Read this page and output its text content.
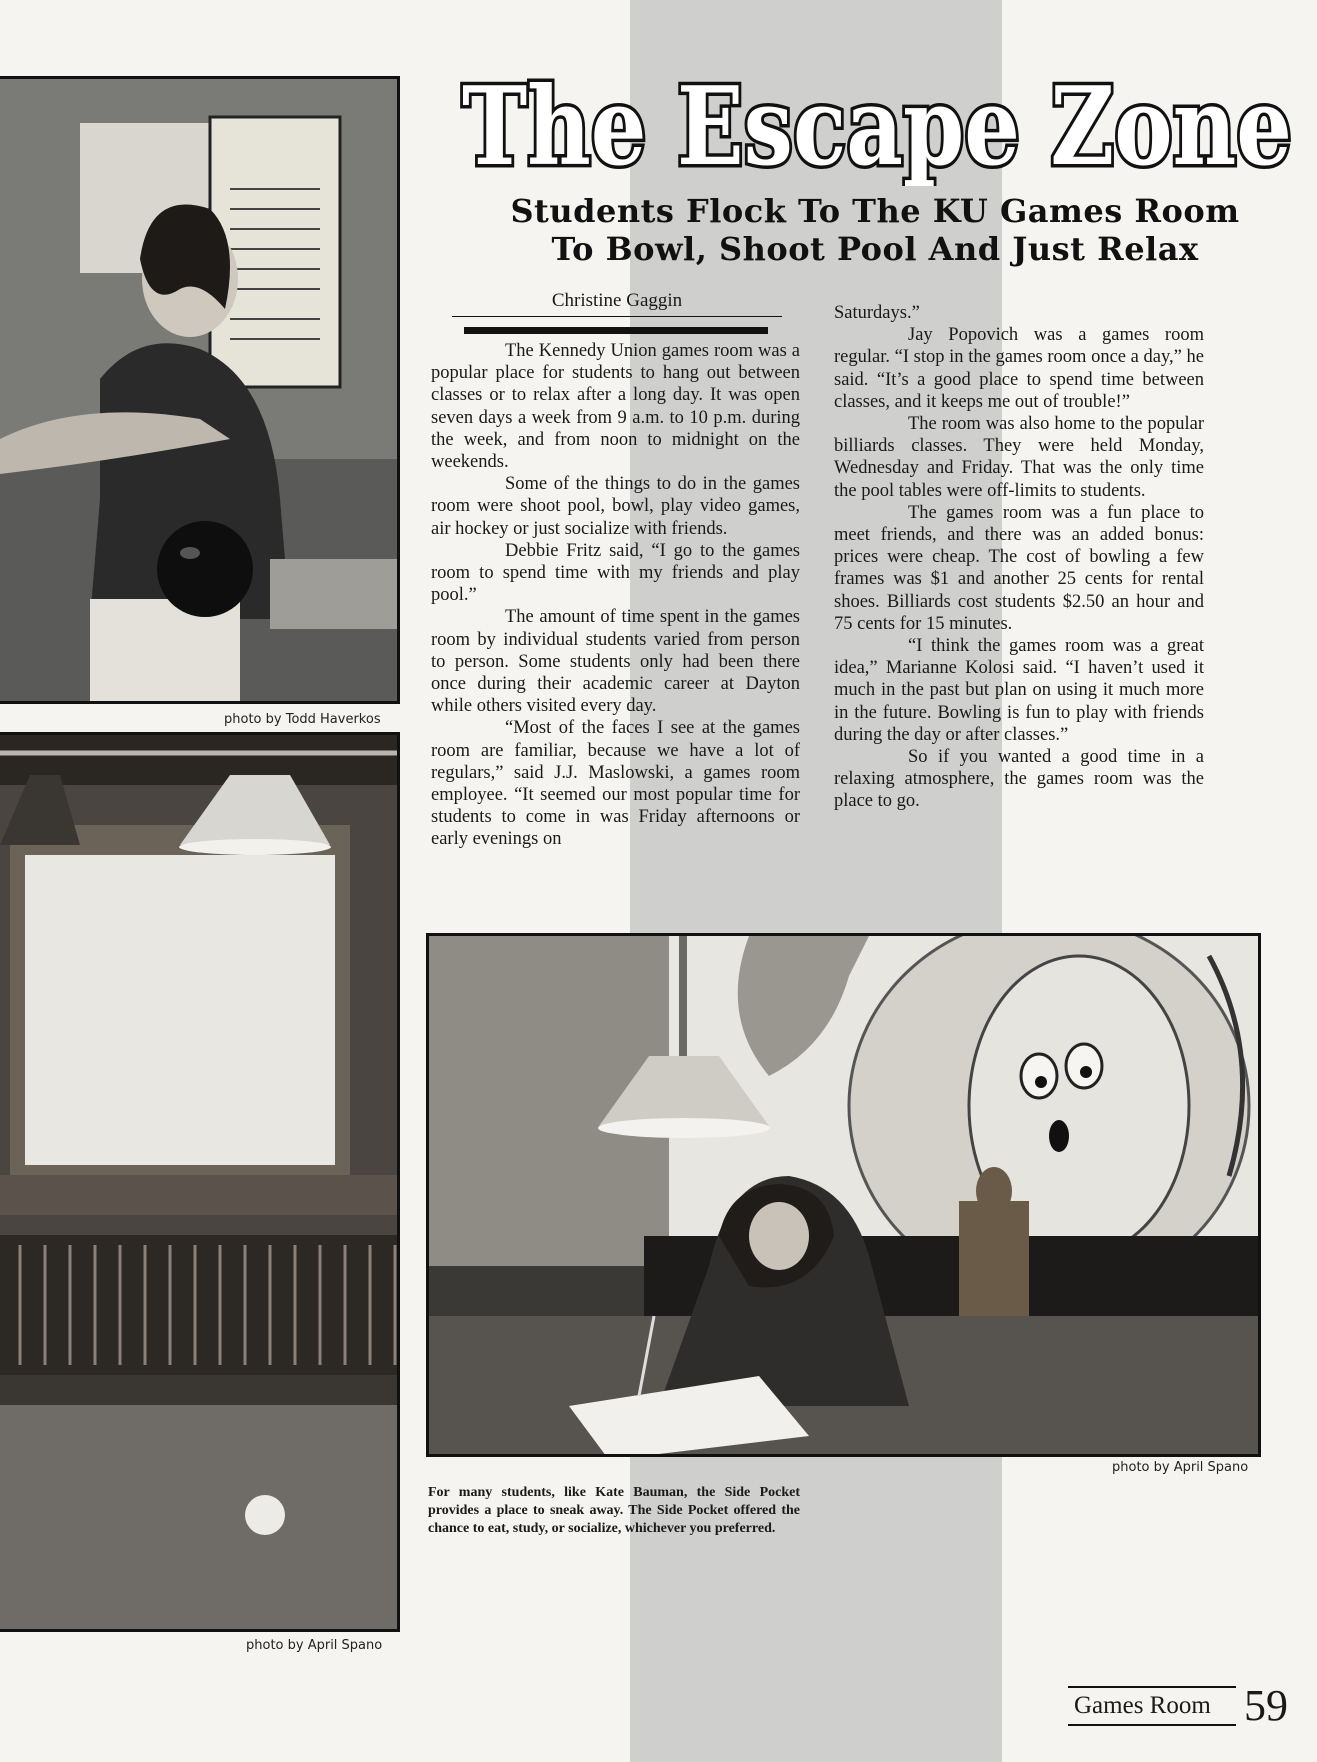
photo by Todd Haverkos
photo by April Spano
The Escape Zone
Students Flock To The KU Games Room
To Bowl, Shoot Pool And Just Relax
Christine Gaggin

The Kennedy Union games room was a popular place for students to hang out between classes or to relax after a long day. It was open seven days a week from 9 a.m. to 10 p.m. during the week, and from noon to midnight on the weekends.

Some of the things to do in the games room were shoot pool, bowl, play video games, air hockey or just socialize with friends.

Debbie Fritz said, “I go to the games room to spend time with my friends and play pool.”

The amount of time spent in the games room by individual students varied from person to person. Some students only had been there once during their academic career at Dayton while others visited every day.

“Most of the faces I see at the games room are familiar, because we have a lot of regulars,” said J.J. Maslowski, a games room employee. “It seemed our most popular time for students to come in was Friday afternoons or early evenings on

Saturdays.”

Jay Popovich was a games room regular. “I stop in the games room once a day,” he said. “It’s a good place to spend time between classes, and it keeps me out of trouble!”

The room was also home to the popular billiards classes. They were held Monday, Wednesday and Friday. That was the only time the pool tables were off-limits to students.

The games room was a fun place to meet friends, and there was an added bonus: prices were cheap. The cost of bowling a few frames was $1 and another 25 cents for rental shoes. Billiards cost students $2.50 an hour and 75 cents for 15 minutes.

“I think the games room was a great idea,” Marianne Kolosi said. “I haven’t used it much in the past but plan on using it much more in the future. Bowling is fun to play with friends during the day or after classes.”

So if you wanted a good time in a relaxing atmosphere, the games room was the place to go.

photo by April Spano
For many students, like Kate Bauman, the Side Pocket provides a place to sneak away. The Side Pocket offered the chance to eat, study, or socialize, whichever you preferred.
Games Room 59
